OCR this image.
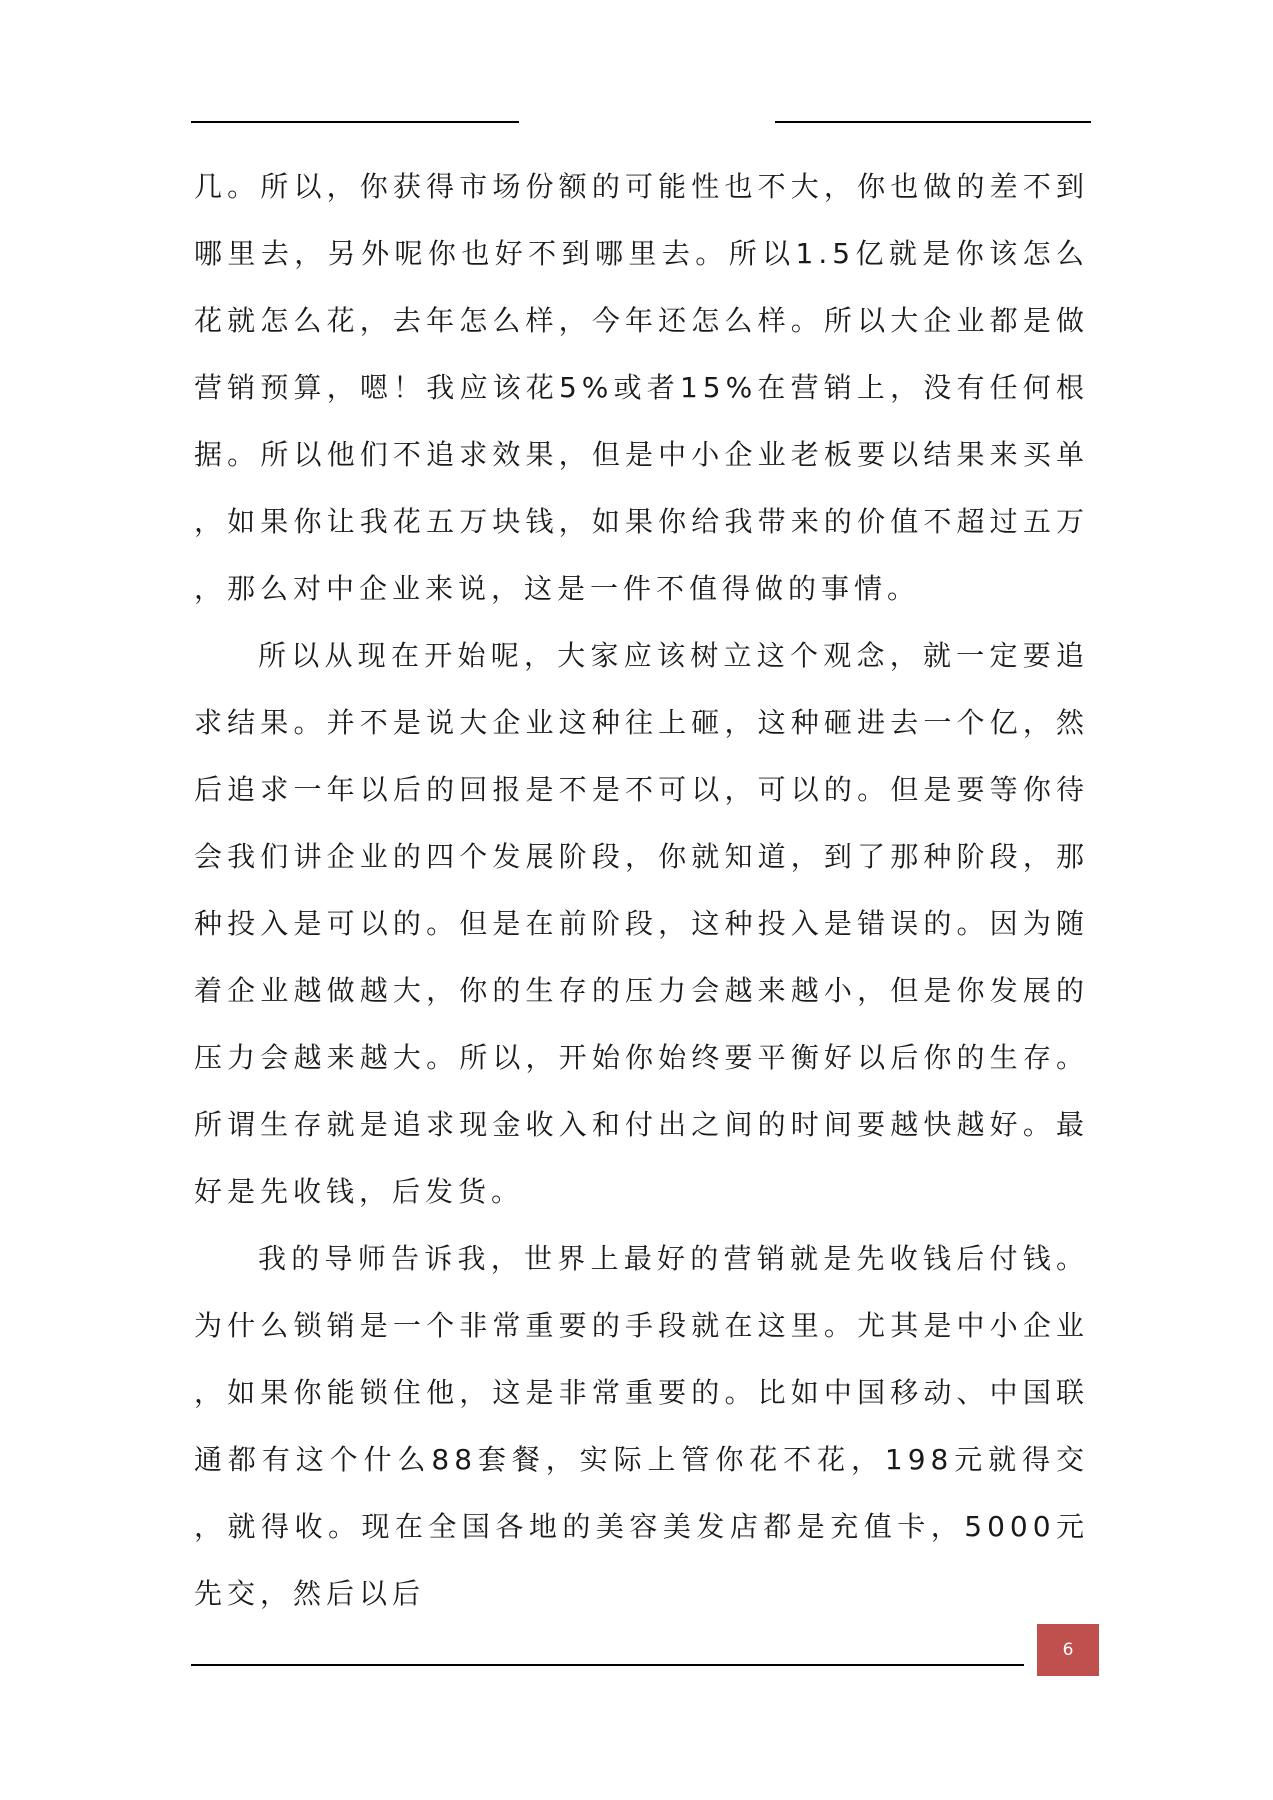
几。所以，你获得市场份额的可能性也不大，你也做的差不到哪里去，另外呢你也好不到哪里去。所以1.5亿就是你该怎么花就怎么花，去年怎么样，今年还怎么样。所以大企业都是做营销预算，嗯！我应该花5%或者15%在营销上，没有任何根据。所以他们不追求效果，但是中小企业老板要以结果来买单，如果你让我花五万块钱，如果你给我带来的价值不超过五万，那么对中企业来说，这是一件不值得做的事情。

所以从现在开始呢，大家应该树立这个观念，就一定要追求结果。并不是说大企业这种往上砸，这种砸进去一个亿，然后追求一年以后的回报是不是不可以，可以的。但是要等你待会我们讲企业的四个发展阶段，你就知道，到了那种阶段，那种投入是可以的。但是在前阶段，这种投入是错误的。因为随着企业越做越大，你的生存的压力会越来越小，但是你发展的压力会越来越大。所以，开始你始终要平衡好以后你的生存。所谓生存就是追求现金收入和付出之间的时间要越快越好。最好是先收钱，后发货。

我的导师告诉我，世界上最好的营销就是先收钱后付钱。为什么锁销是一个非常重要的手段就在这里。尤其是中小企业，如果你能锁住他，这是非常重要的。比如中国移动、中国联通都有这个什么88套餐，实际上管你花不花，198元就得交，就得收。现在全国各地的美容美发店都是充值卡，5000元先交，然后以后

6
